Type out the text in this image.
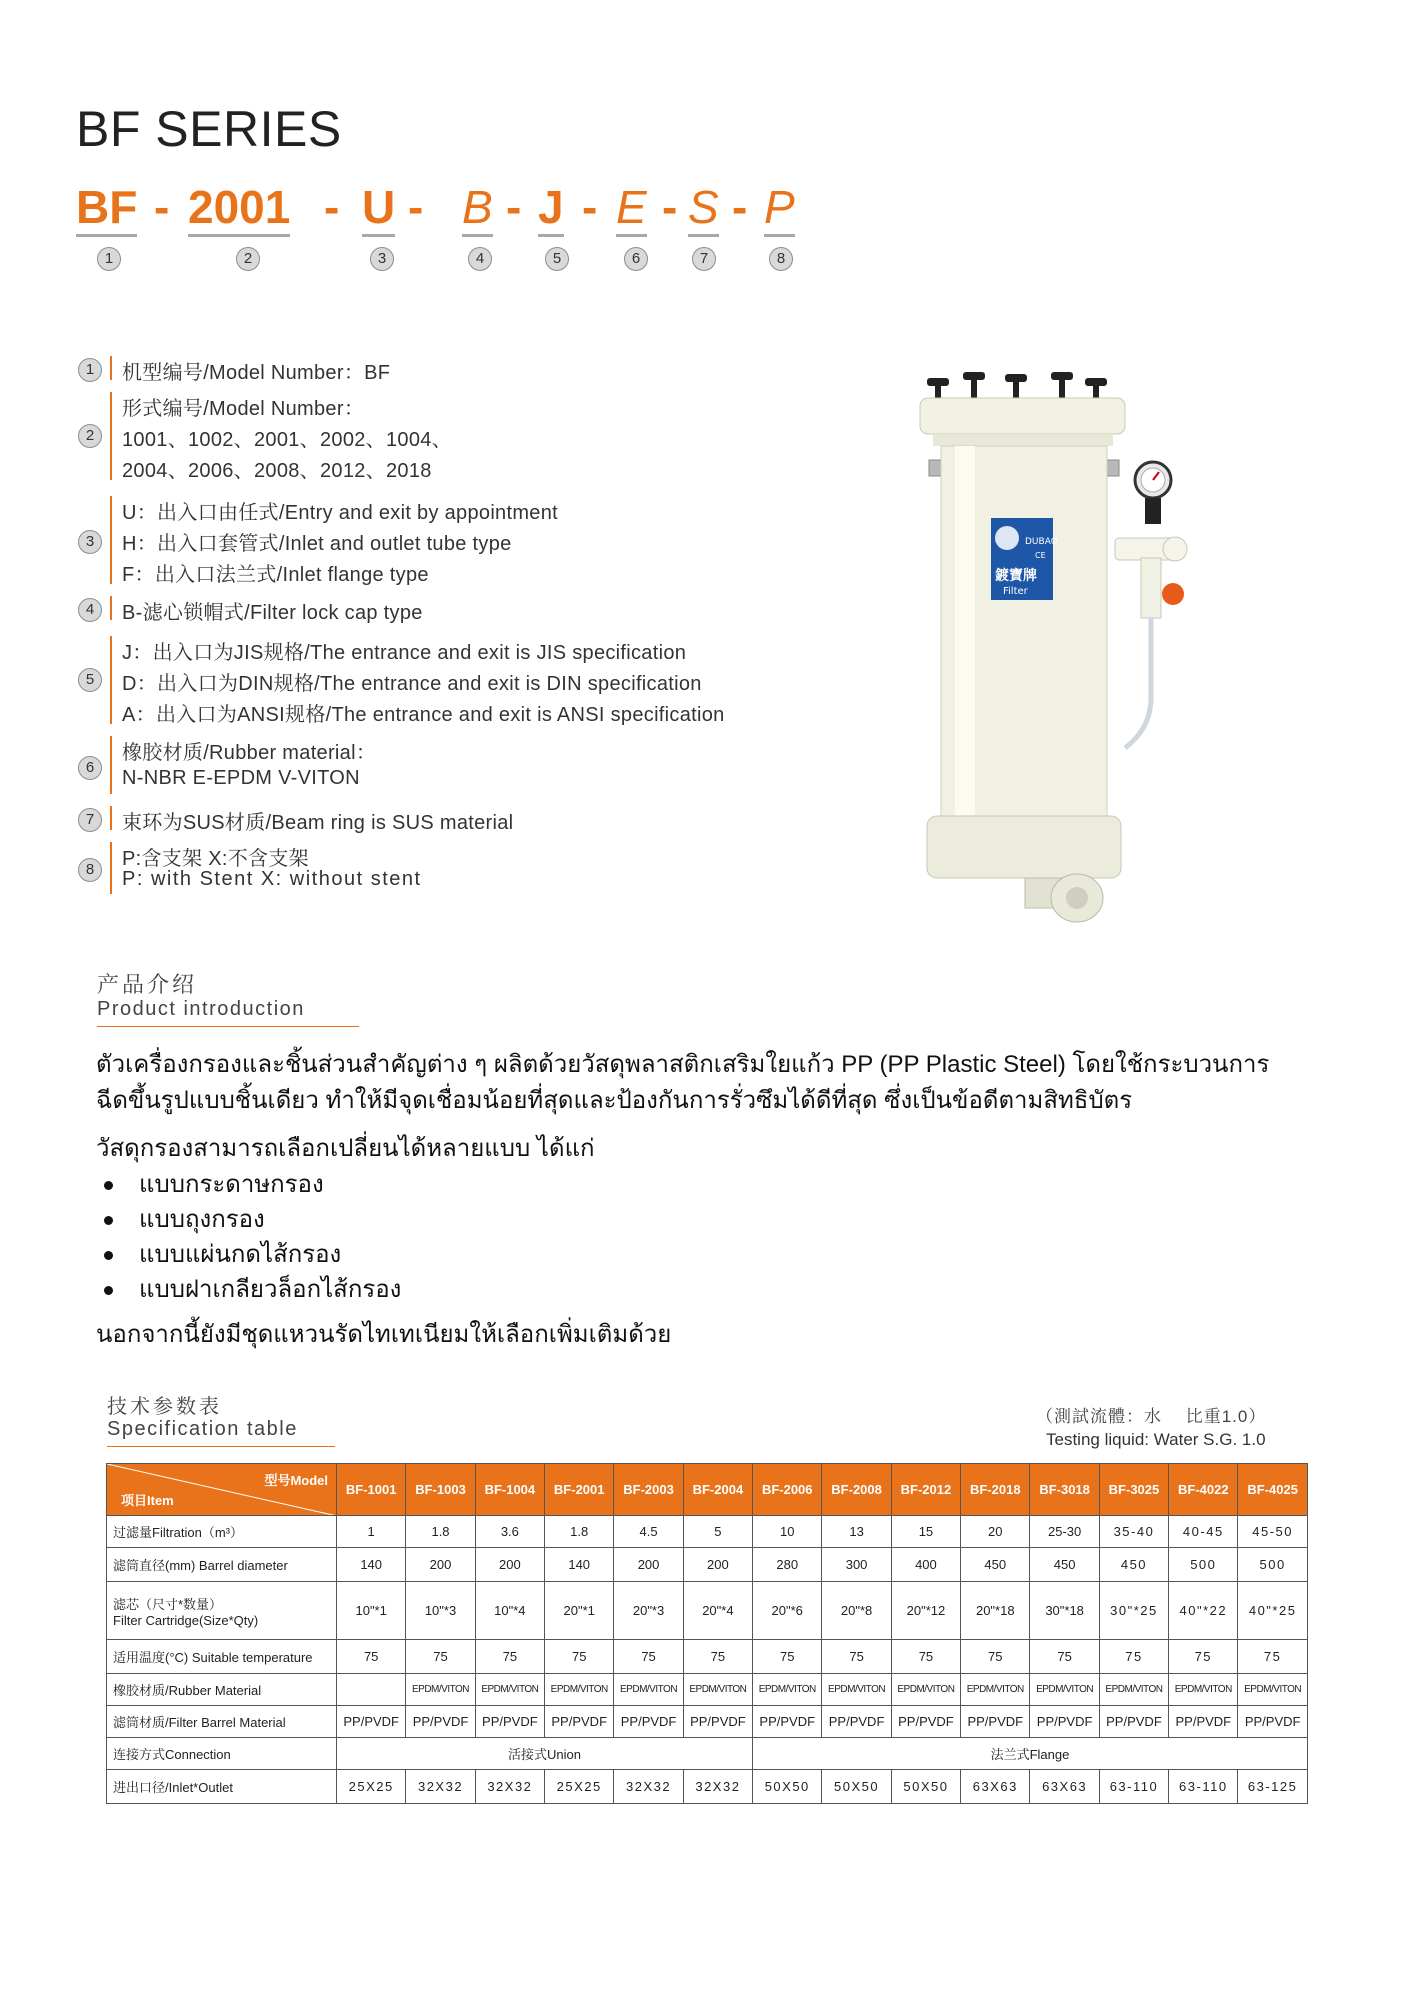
BF SERIES
BF - 2001 - U - B - J - E - S - P
1	2	3	4	5	6	7	8
1	机型编号/Model Number：BF
2
形式编号/Model Number：
1001、1002、2001、2002、1004、
2004、2006、2008、2012、2018
3
U：出入口由任式/Entry and exit by appointment
H：出入口套管式/Inlet and outlet tube type
F：出入口法兰式/Inlet flange type
4	B-滤心锁帽式/Filter lock cap type
5
J：出入口为JIS规格/The entrance and exit is JIS specification
D：出入口为DIN规格/The entrance and exit is DIN specification
A：出入口为ANSI规格/The entrance and exit is ANSI specification
6
橡胶材质/Rubber material：
N-NBR E-EPDM V-VITON
7	束环为SUS材质/Beam ring is SUS material
8	P:含支架 X:不含支架
P: with Stent X: without stent
DUBAO
CE
鍍寶牌
Filter
产品介绍
Product introduction
ตัวเครื่องกรองและชิ้นส่วนสำคัญต่าง ๆ ผลิตด้วยวัสดุพลาสติกเสริมใยแก้ว PP (PP Plastic Steel) โดยใช้กระบวนการ
ฉีดขึ้นรูปแบบชิ้นเดียว ทำให้มีจุดเชื่อมน้อยที่สุดและป้องกันการรั่วซึมได้ดีที่สุด ซึ่งเป็นข้อดีตามสิทธิบัตร
วัสดุกรองสามารถเลือกเปลี่ยนได้หลายแบบ ได้แก่
แบบกระดาษกรอง
แบบถุงกรอง
แบบแผ่นกดไส้กรอง
แบบฝาเกลียวล็อกไส้กรอง
นอกจากนี้ยังมีชุดแหวนรัดไทเทเนียมให้เลือกเพิ่มเติมด้วย
技术参数表
Specification table
（測試流體：水　 比重1.0）
Testing liquid: Water S.G. 1.0
型号Model
项目Item	BF-1001	BF-1003	BF-1004	BF-2001	BF-2003	BF-2004	BF-2006	BF-2008	BF-2012	BF-2018	BF-3018	BF-3025	BF-4022	BF-4025
过滤量Filtration（m³）	1	1.8	3.6	1.8	4.5	5	10	13	15	20	25-30	35-40	40-45	45-50
滤筒直径(mm) Barrel diameter	140	200	200	140	200	200	280	300	400	450	450	450	500	500

滤芯（尺寸*数量）
Filter Cartridge(Size*Qty)	10"*1	10"*3	10"*4	20"*1	20"*3	20"*4	20"*6	20"*8	20"*12	20"*18	30"*18	30"*25	40"*22	40"*25
适用温度(°C) Suitable temperature	75	75	75	75	75	75	75	75	75	75	75	75	75	75
橡胶材质/Rubber Material		EPDM/VITON	EPDM/VITON	EPDM/VITON	EPDM/VITON	EPDM/VITON	EPDM/VITON	EPDM/VITON	EPDM/VITON	EPDM/VITON	EPDM/VITON	EPDM/VITON	EPDM/VITON	EPDM/VITON
滤筒材质/Filter Barrel Material	PP/PVDF	PP/PVDF	PP/PVDF	PP/PVDF	PP/PVDF	PP/PVDF	PP/PVDF	PP/PVDF	PP/PVDF	PP/PVDF	PP/PVDF	PP/PVDF	PP/PVDF	PP/PVDF
连接方式Connection	活接式Union						法兰式Flange							
进出口径/Inlet*Outlet	25X25	32X32	32X32	25X25	32X32	32X32	50X50	50X50	50X50	63X63	63X63	63-110	63-110	63-125
